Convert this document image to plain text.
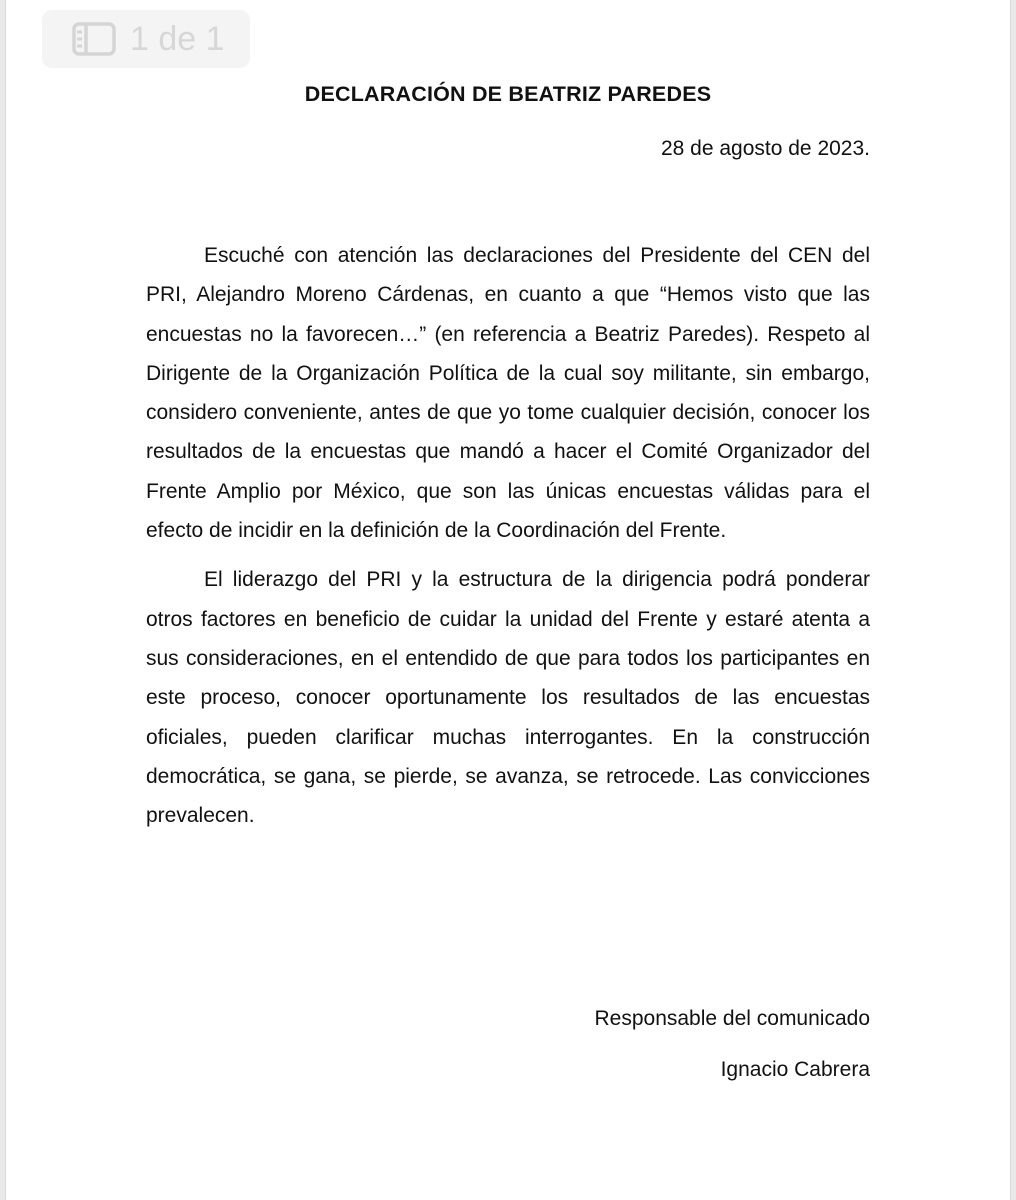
1 de 1
DECLARACIÓN DE BEATRIZ PAREDES
28 de agosto de 2023.

Escuché con atención las declaraciones del Presidente del CEN del PRI, Alejandro Moreno Cárdenas, en cuanto a que “Hemos visto que las encuestas no la favorecen…” (en referencia a Beatriz Paredes). Respeto al Dirigente de la Organización Política de la cual soy militante, sin embargo, considero conveniente, antes de que yo tome cualquier decisión, conocer los resultados de la encuestas que mandó a hacer el Comité Organizador del Frente Amplio por México, que son las únicas encuestas válidas para el efecto de incidir en la definición de la Coordinación del Frente.

El liderazgo del PRI y la estructura de la dirigencia podrá ponderar otros factores en beneficio de cuidar la unidad del Frente y estaré atenta a sus consideraciones, en el entendido de que para todos los participantes en este proceso, conocer oportunamente los resultados de las encuestas oficiales, pueden clarificar muchas interrogantes. En la construcción democrática, se gana, se pierde, se avanza, se retrocede. Las convicciones prevalecen.

Responsable del comunicado
Ignacio Cabrera
